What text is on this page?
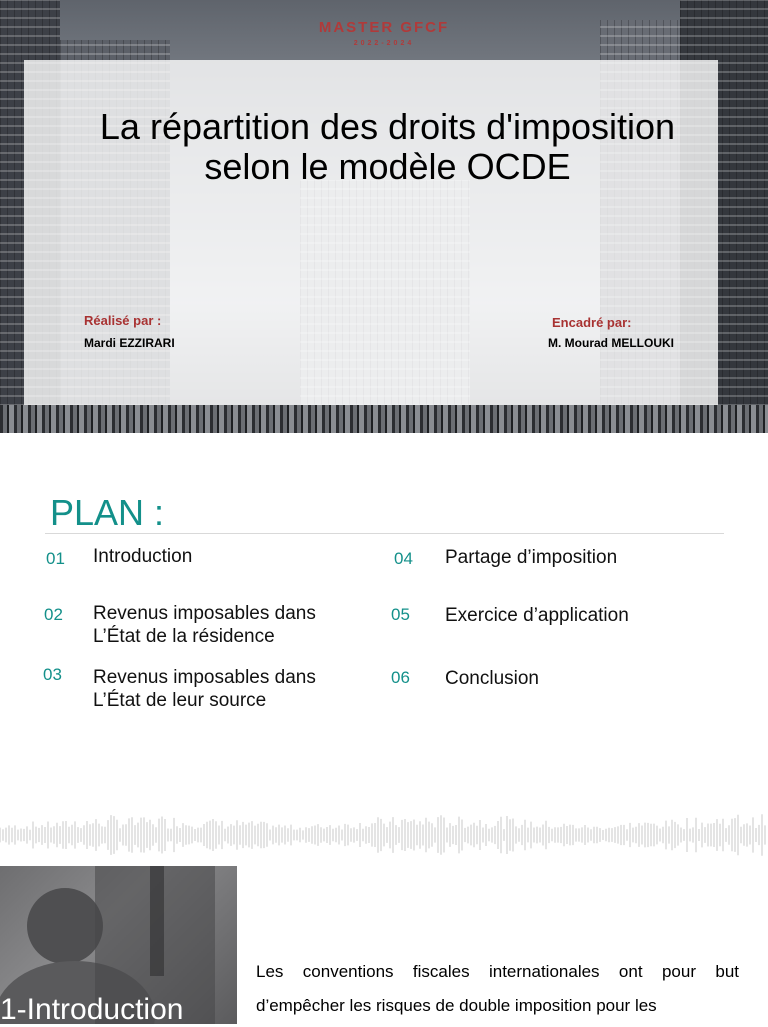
MASTER GFCF
2022-2024
La répartition des droits d'imposition selon le modèle OCDE
Réalisé par :
Mardi EZZIRARI
Encadré par:
M. Mourad MELLOUKI
PLAN :
01 Introduction
02 Revenus imposables dans L’État de la résidence
03 Revenus imposables dans L’État de leur source
04 Partage d’imposition
05 Exercice d’application
06 Conclusion
1-Introduction
Les conventions fiscales internationales ont pour but d’empêcher les risques de double imposition pour les
